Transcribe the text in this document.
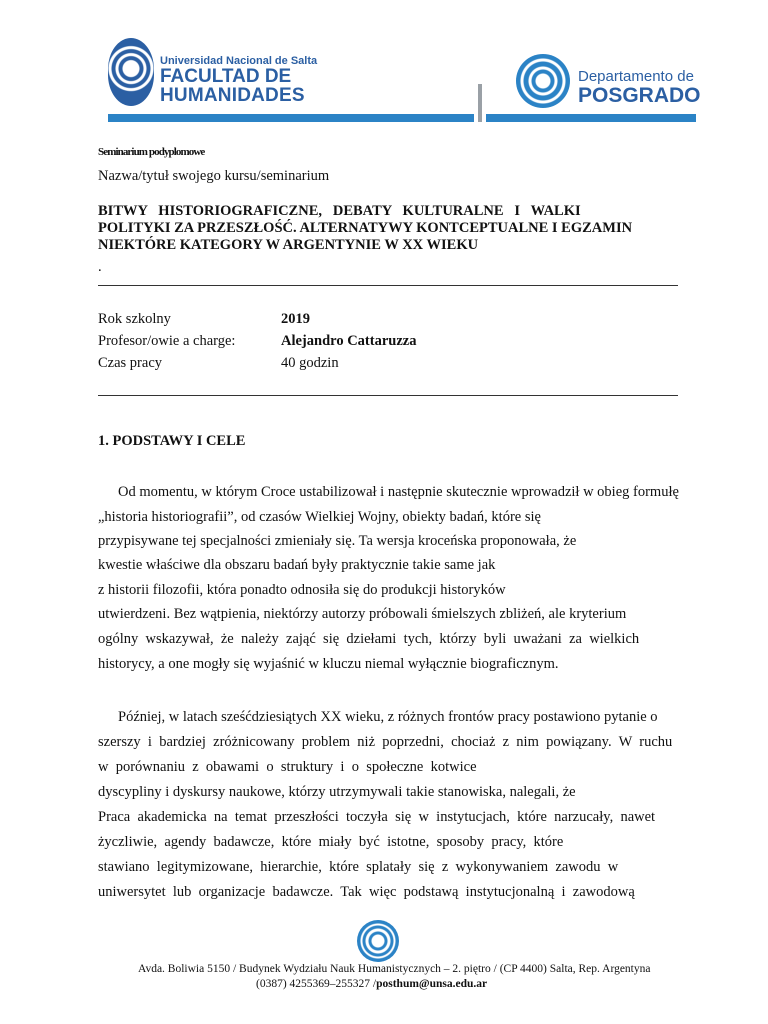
Universidad Nacional de Salta
FACULTAD DE
HUMANIDADES
Departamento de
POSGRADO
Seminarium podyplomowe
Nazwa/tytuł swojego kursu/seminarium
BITWY   HISTORIOGRAFICZNE,   DEBATY   KULTURALNE   I   WALKI
POLITYKI ZA PRZESZŁOŚĆ. ALTERNATYWY KONTCEPTUALNE I EGZAMIN
NIEKTÓRE KATEGORY W ARGENTYNIE W XX WIEKU
.
Rok szkolny	2019
Profesor/owie a charge:	Alejandro Cattaruzza
Czas pracy	40 godzin
1. PODSTAWY I CELE
Od momentu, w którym Croce ustabilizował i następnie skutecznie wprowadził w obieg formułę
„historia historiografii”, od czasów Wielkiej Wojny, obiekty badań, które się
przypisywane tej specjalności zmieniały się. Ta wersja kroceńska proponowała, że
kwestie właściwe dla obszaru badań były praktycznie takie same jak
z historii filozofii, która ponadto odnosiła się do produkcji historyków
utwierdzeni. Bez wątpienia, niektórzy autorzy próbowali śmielszych zbliżeń, ale kryterium
ogólny  wskazywał,  że  należy  zająć  się  dziełami  tych,  którzy  byli  uważani  za  wielkich
historycy, a one mogły się wyjaśnić w kluczu niemal wyłącznie biograficznym.
Później, w latach sześćdziesiątych XX wieku, z różnych frontów pracy postawiono pytanie o
szerszy  i  bardziej  zróżnicowany  problem  niż  poprzedni,  chociaż  z  nim  powiązany.  W  ruchu
w  porównaniu  z  obawami  o  struktury  i  o  społeczne  kotwice
dyscypliny i dyskursy naukowe, którzy utrzymywali takie stanowiska, nalegali, że
Praca  akademicka  na  temat  przeszłości  toczyła  się  w  instytucjach,  które  narzucały,  nawet
życzliwie,  agendy  badawcze,  które  miały  być  istotne,  sposoby  pracy,  które
stawiano  legitymizowane,  hierarchie,  które  splatały  się  z  wykonywaniem  zawodu  w
uniwersytet  lub  organizacje  badawcze.  Tak  więc  podstawą  instytucjonalną  i  zawodową
Avda. Boliwia 5150 / Budynek Wydziału Nauk Humanistycznych – 2. piętro / (CP 4400) Salta, Rep. Argentyna
(0387) 4255369–255327 /posthum@unsa.edu.ar
